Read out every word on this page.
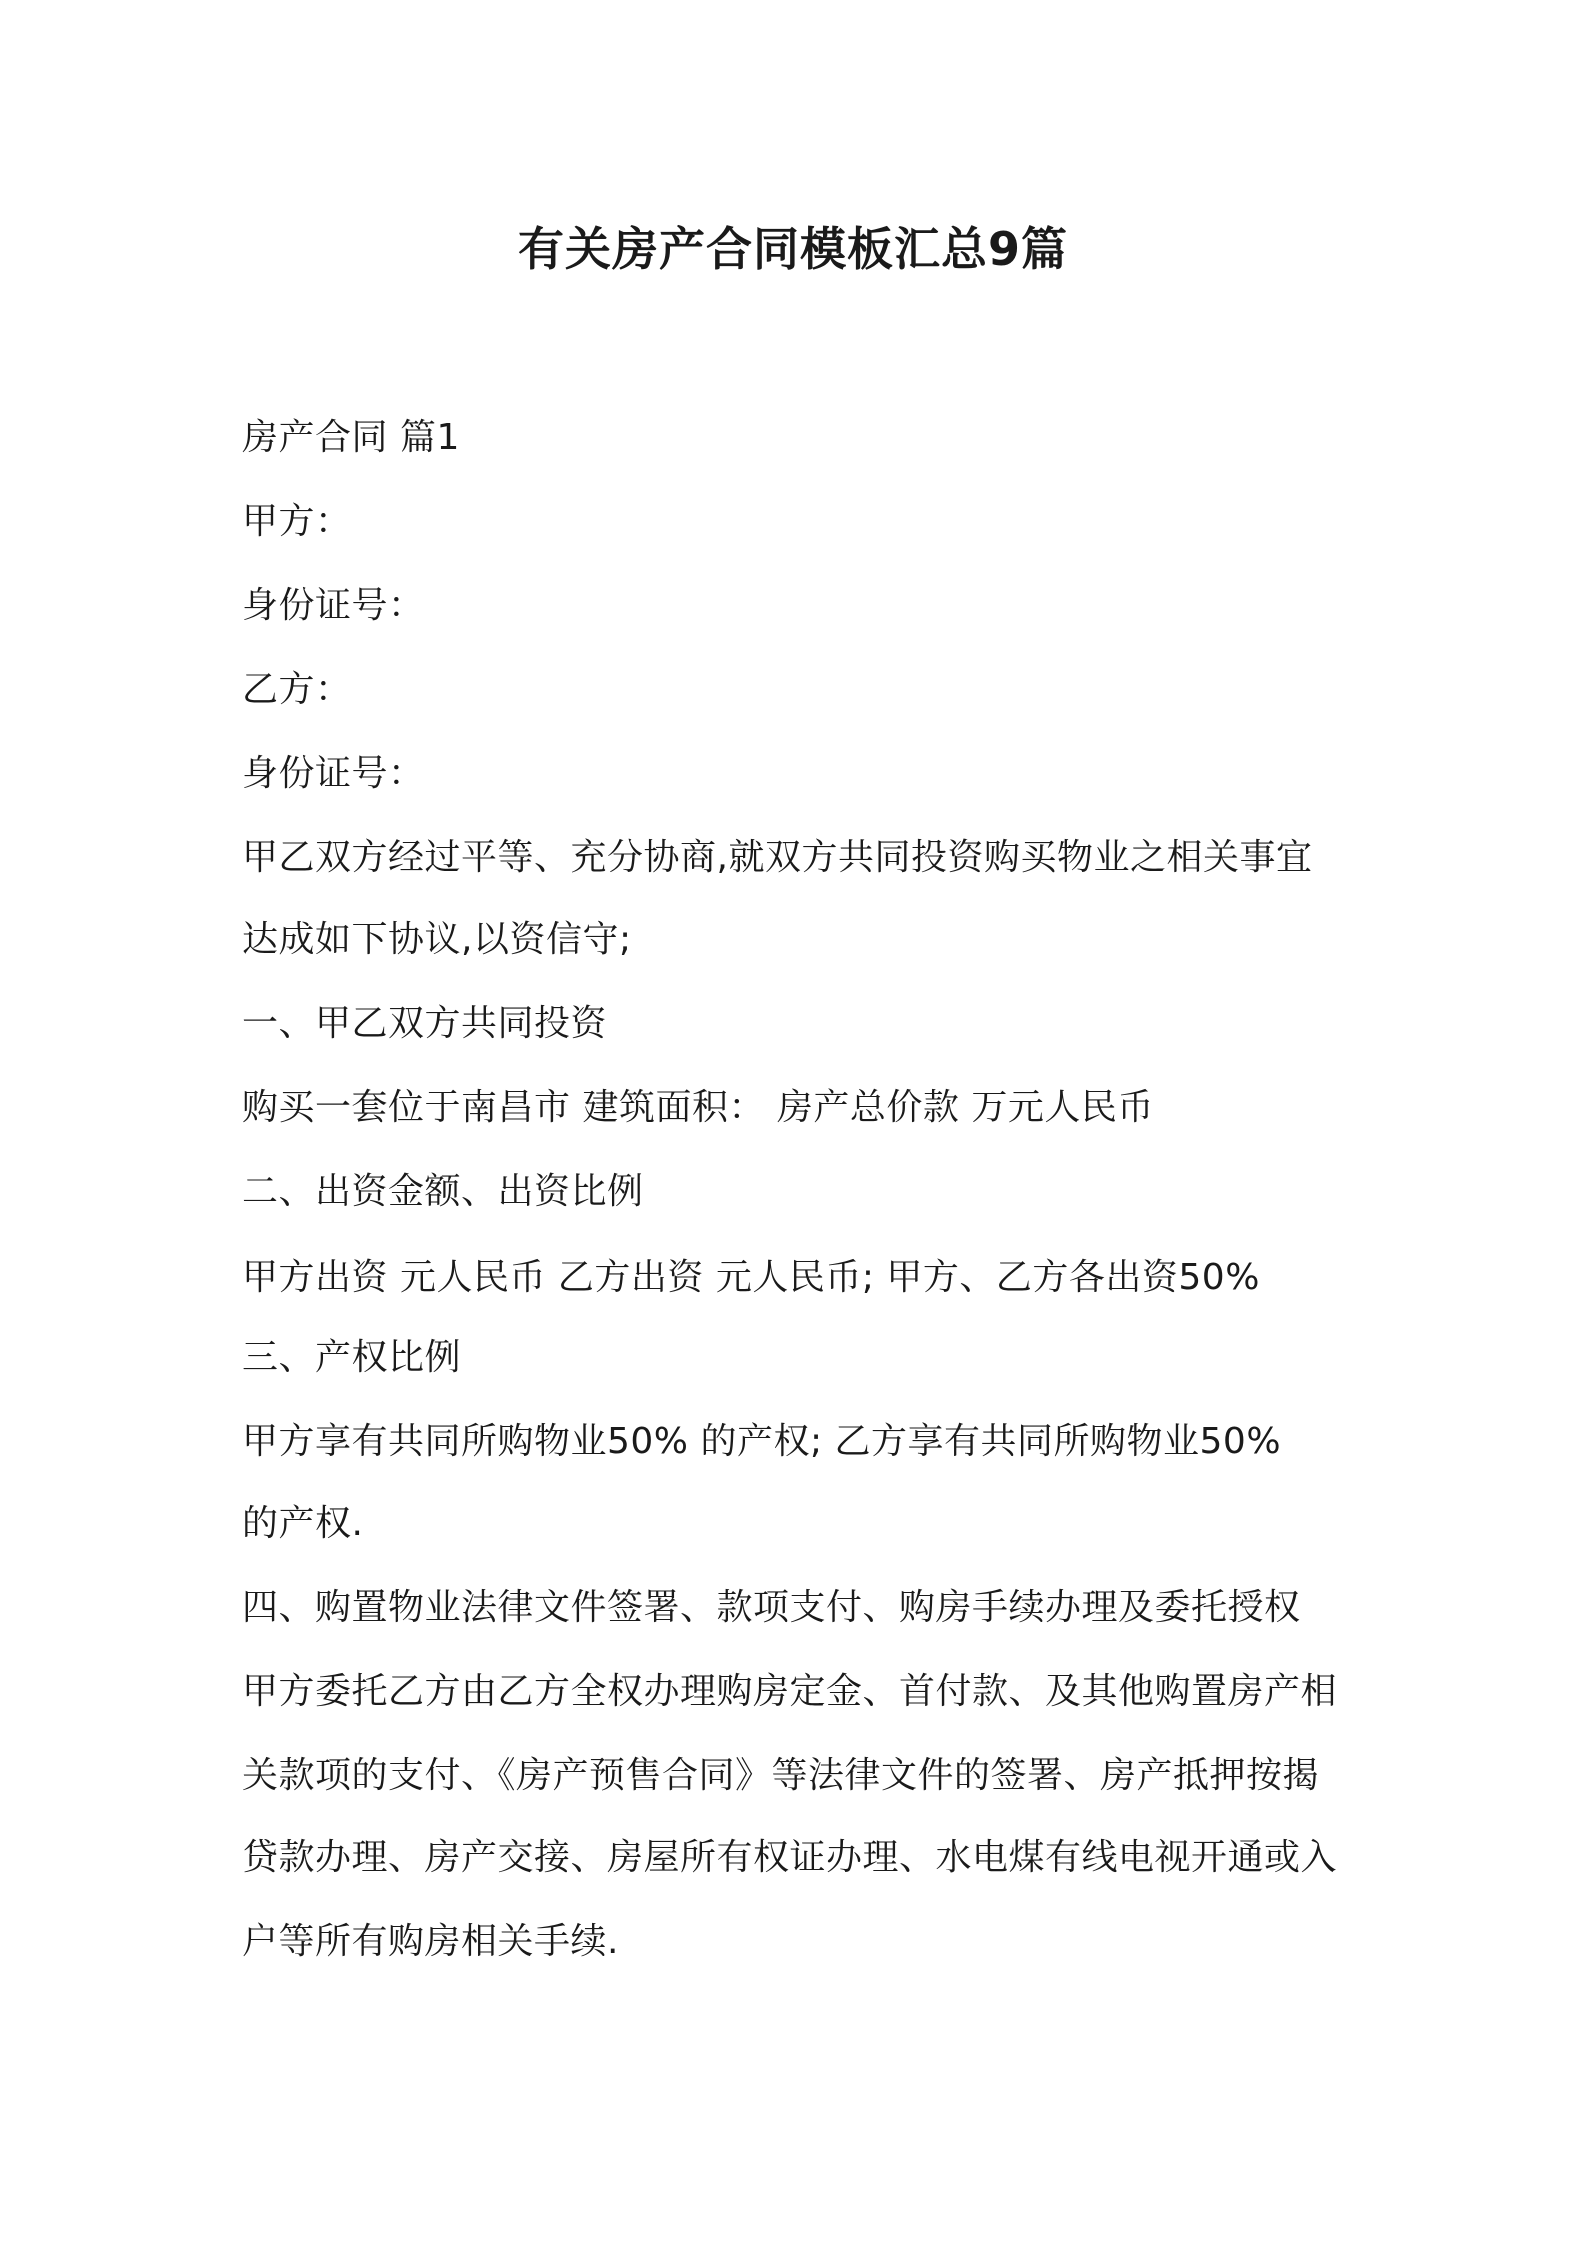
有关房产合同模板汇总9篇
房产合同 篇1
甲方：
身份证号：
乙方：
身份证号：
甲乙双方经过平等、充分协商,就双方共同投资购买物业之相关事宜
达成如下协议,以资信守;
一、甲乙双方共同投资
购买一套位于南昌市 建筑面积： 房产总价款 万元人民币
二、出资金额、出资比例
甲方出资 元人民币 乙方出资 元人民币; 甲方、乙方各出资50%
三、产权比例
甲方享有共同所购物业50% 的产权; 乙方享有共同所购物业50%
的产权.
四、购置物业法律文件签署、款项支付、购房手续办理及委托授权
甲方委托乙方由乙方全权办理购房定金、首付款、及其他购置房产相
关款项的支付、《房产预售合同》等法律文件的签署、房产抵押按揭
贷款办理、房产交接、房屋所有权证办理、水电煤有线电视开通或入
户等所有购房相关手续.
